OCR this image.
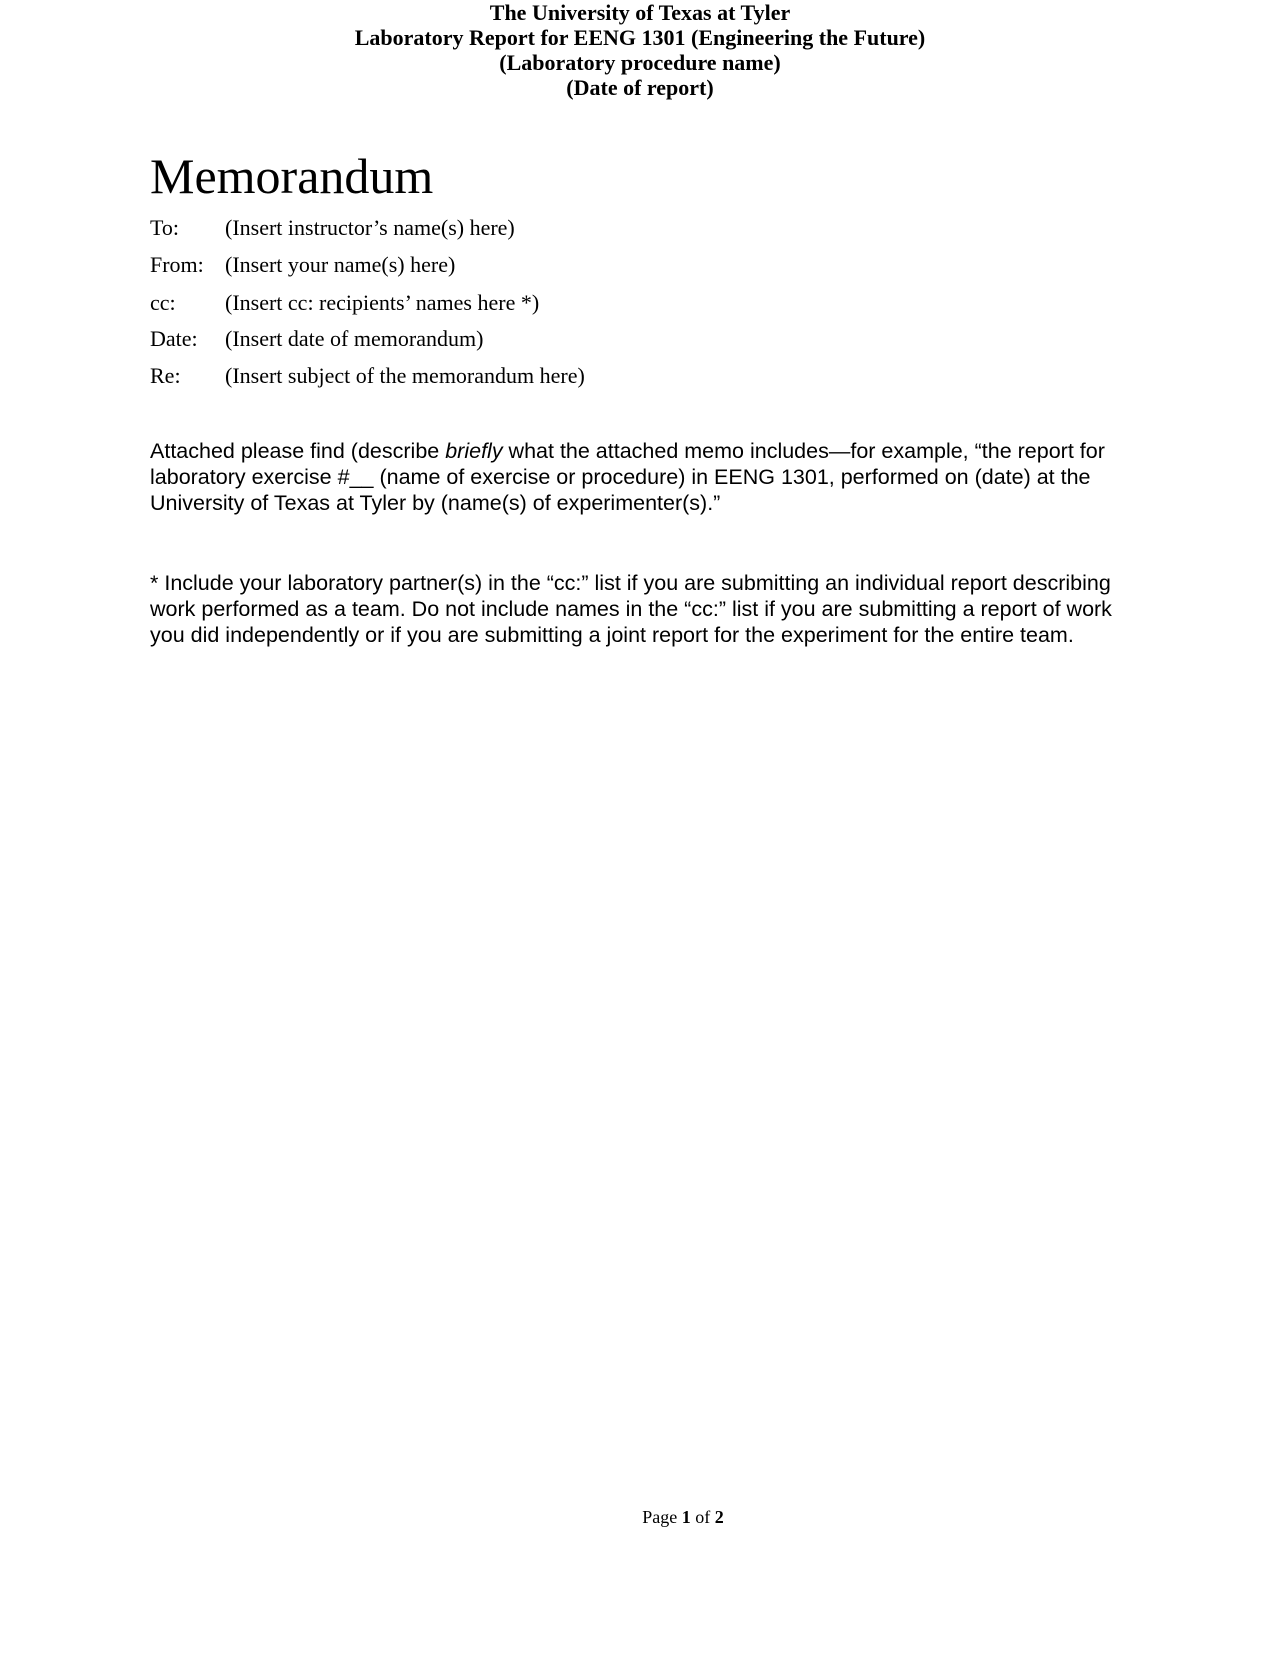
The University of Texas at Tyler
Laboratory Report for EENG 1301 (Engineering the Future)
(Laboratory procedure name)
(Date of report)
Memorandum
To: (Insert instructor’s name(s) here)
From: (Insert your name(s) here)
cc: (Insert cc: recipients’ names here *)
Date: (Insert date of memorandum)
Re: (Insert subject of the memorandum here)
Attached please find (describe briefly what the attached memo includes—for example, “the report for laboratory exercise #__ (name of exercise or procedure) in EENG 1301, performed on (date) at the University of Texas at Tyler by (name(s) of experimenter(s).”
* Include your laboratory partner(s) in the “cc:” list if you are submitting an individual report describing work performed as a team. Do not include names in the “cc:” list if you are submitting a report of work you did independently or if you are submitting a joint report for the experiment for the entire team.
Page 1 of 2
